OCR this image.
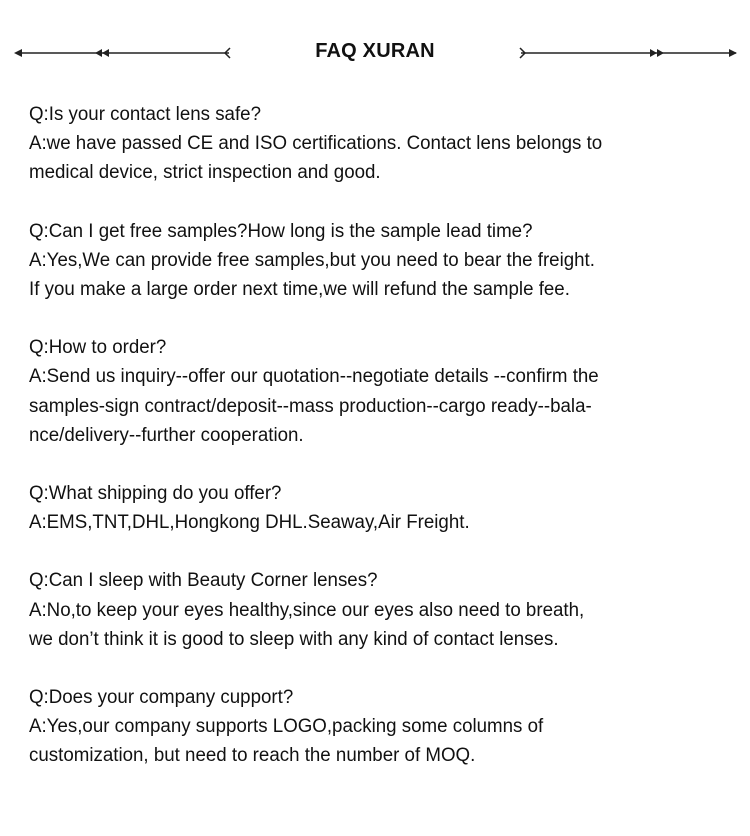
FAQ XURAN
Q:Is your contact lens safe?
A:we have passed CE and ISO certifications. Contact lens belongs to
medical device, strict inspection and good.
Q:Can I get free samples?How long is the sample lead time?
A:Yes,We can provide free samples,but you need to bear the freight.
If you make a large order next time,we will refund the sample fee.
Q:How to order?
A:Send us inquiry--offer our quotation--negotiate details --confirm the
samples-sign contract/deposit--mass production--cargo ready--bala-
nce/delivery--further cooperation.
Q:What shipping do you offer?
A:EMS,TNT,DHL,Hongkong DHL.Seaway,Air Freight.
Q:Can I sleep with Beauty Corner lenses?
A:No,to keep your eyes healthy,since our eyes also need to breath,
we don’t think it is good to sleep with any kind of contact lenses.
Q:Does your company cupport?
A:Yes,our company supports LOGO,packing some columns of
customization, but need to reach the number of MOQ.
